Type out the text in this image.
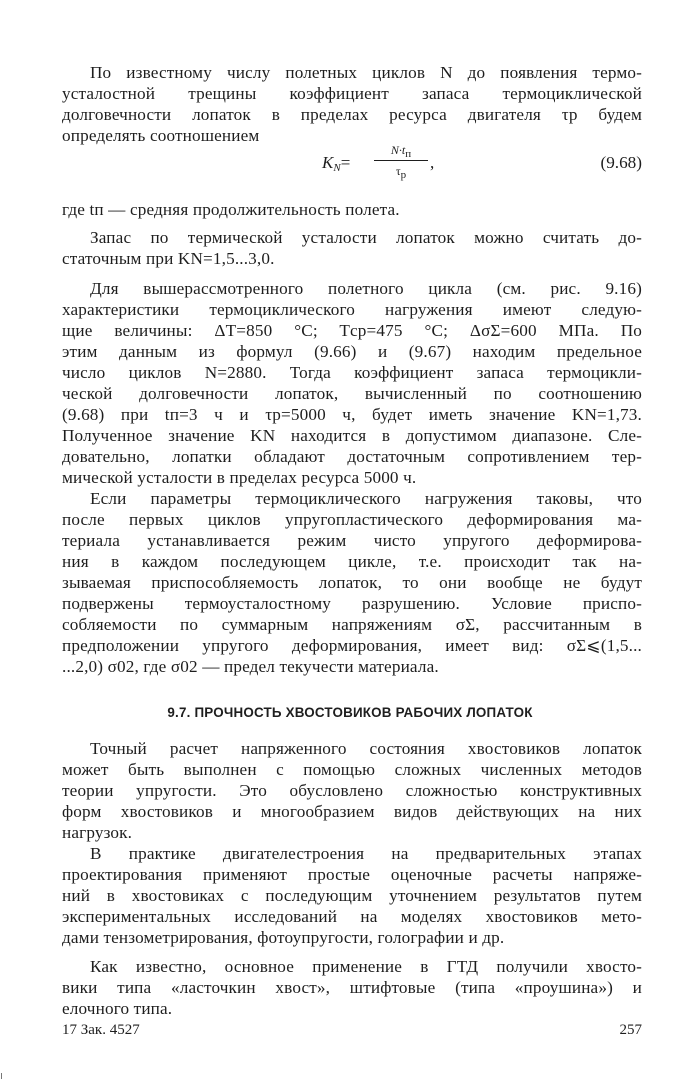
По известному числу полетных циклов N до появления термо-
усталостной трещины коэффициент запаса термоциклической
долговечности лопаток в пределах ресурса двигателя τр будем
определять соотношением
$K_N=$
$N\cdot t_п$
$\tau_р$
,	(9.68)
где tп — средняя продолжительность полета.
Запас по термической усталости лопаток можно считать до-
статочным при KN=1,5...3,0.
Для вышерассмотренного полетного цикла (см. рис. 9.16)
характеристики термоциклического нагружения имеют следую-
щие величины: ΔT=850 °C; Tср=475 °C; ΔσΣ=600 МПа. По
этим данным из формул (9.66) и (9.67) находим предельное
число циклов N=2880. Тогда коэффициент запаса термоцикли-
ческой долговечности лопаток, вычисленный по соотношению
(9.68) при tп=3 ч и τр=5000 ч, будет иметь значение KN=1,73.
Полученное значение KN находится в допустимом диапазоне. Сле-
довательно, лопатки обладают достаточным сопротивлением тер-
мической усталости в пределах ресурса 5000 ч.
Если параметры термоциклического нагружения таковы, что
после первых циклов упругопластического деформирования ма-
териала устанавливается режим чисто упругого деформирова-
ния в каждом последующем цикле, т.е. происходит так на-
зываемая приспособляемость лопаток, то они вообще не будут
подвержены термоусталостному разрушению. Условие приспо-
собляемости по суммарным напряжениям σΣ, рассчитанным в
предположении упругого деформирования, имеет вид: σΣ⩽(1,5...
...2,0) σ02, где σ02 — предел текучести материала.
9.7. ПРОЧНОСТЬ ХВОСТОВИКОВ РАБОЧИХ ЛОПАТОК
Точный расчет напряженного состояния хвостовиков лопаток
может быть выполнен с помощью сложных численных методов
теории упругости. Это обусловлено сложностью конструктивных
форм хвостовиков и многообразием видов действующих на них
нагрузок.
В практике двигателестроения на предварительных этапах
проектирования применяют простые оценочные расчеты напряже-
ний в хвостовиках с последующим уточнением результатов путем
экспериментальных исследований на моделях хвостовиков мето-
дами тензометрирования, фотоупругости, голографии и др.
Как известно, основное применение в ГТД получили хвосто-
вики типа «ласточкин хвост», штифтовые (типа «проушина») и
елочного типа.
17 Зак. 4527	257
